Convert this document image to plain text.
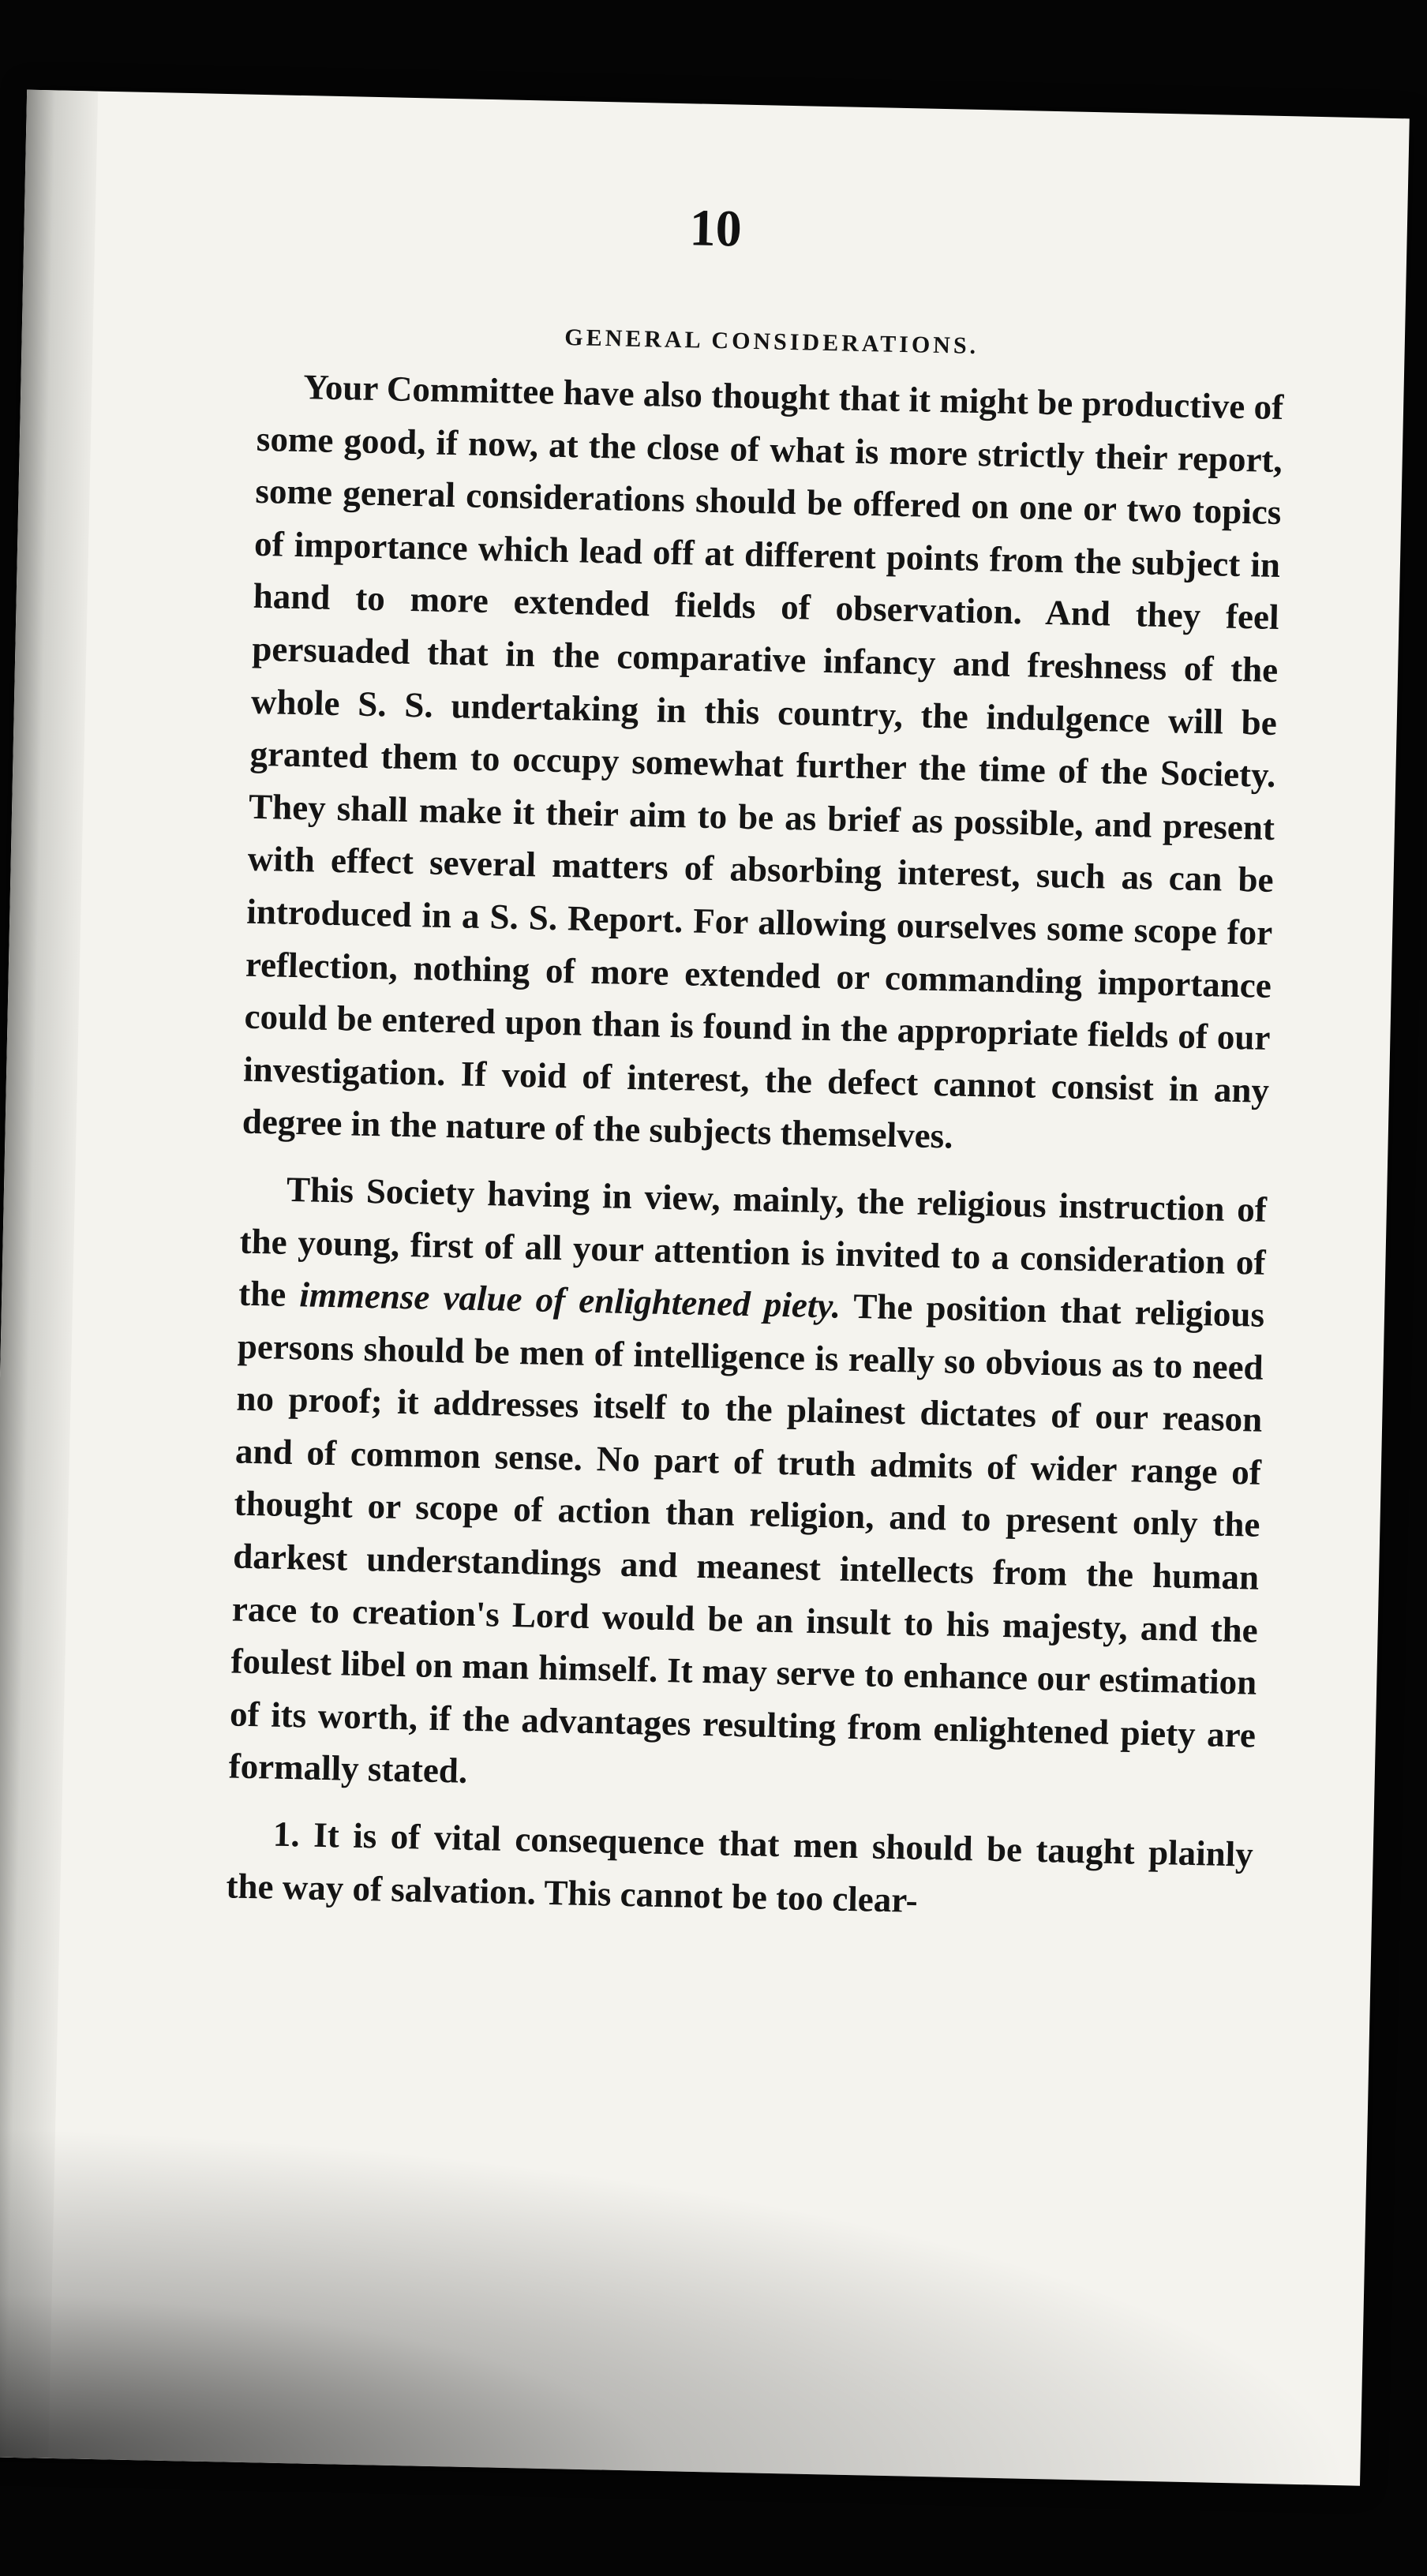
10
GENERAL CONSIDERATIONS.

Your Committee have also thought that it might be productive of some good, if now, at the close of what is more strictly their report, some general considerations should be offered on one or two topics of importance which lead off at different points from the subject in hand to more extended fields of observation. And they feel persuaded that in the comparative infancy and freshness of the whole S. S. undertaking in this country, the indulgence will be granted them to occupy somewhat further the time of the Society. They shall make it their aim to be as brief as possible, and present with effect several matters of absorbing interest, such as can be introduced in a S. S. Report. For allowing ourselves some scope for reflection, nothing of more extended or commanding importance could be entered upon than is found in the appropriate fields of our investigation. If void of interest, the defect cannot consist in any degree in the nature of the subjects themselves.

This Society having in view, mainly, the religious instruction of the young, first of all your attention is invited to a consideration of the immense value of enlightened piety. The position that religious persons should be men of intelligence is really so obvious as to need no proof; it addresses itself to the plainest dictates of our reason and of common sense. No part of truth admits of wider range of thought or scope of action than religion, and to present only the darkest understandings and meanest intellects from the human race to creation's Lord would be an insult to his majesty, and the foulest libel on man himself. It may serve to enhance our estimation of its worth, if the advantages resulting from enlightened piety are formally stated.

1. It is of vital consequence that men should be taught plainly the way of salvation. This cannot be too clear-
